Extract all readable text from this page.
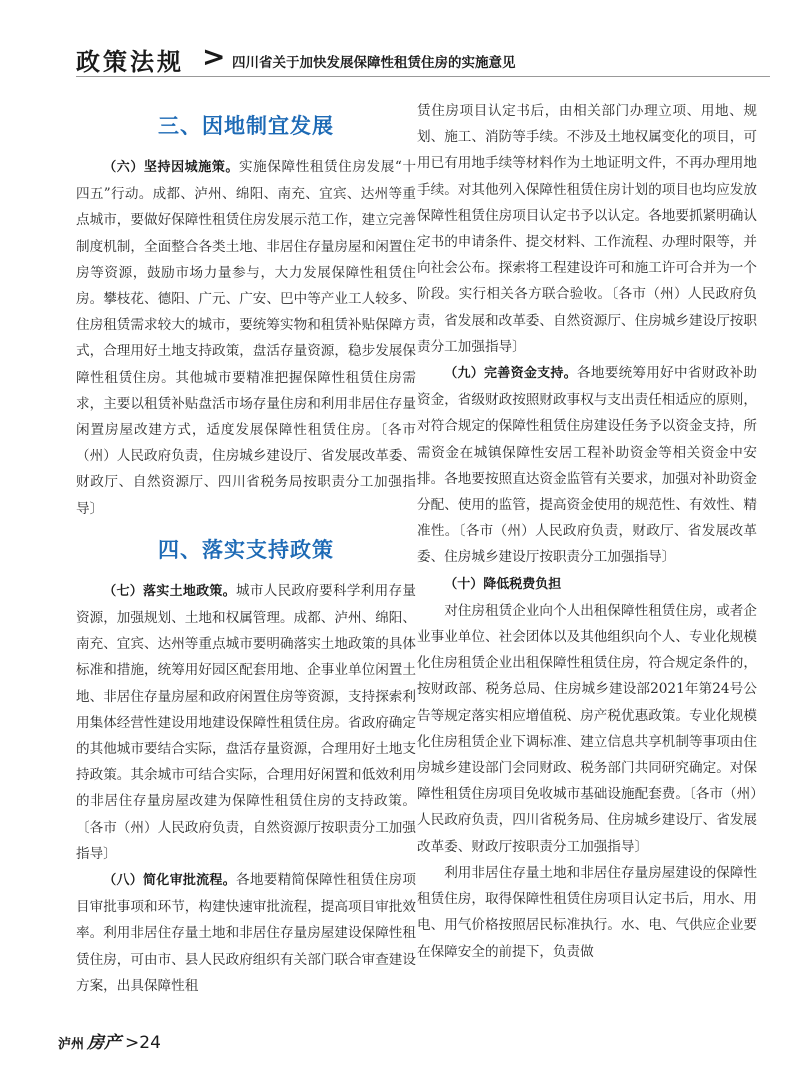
政策法规 > 四川省关于加快发展保障性租赁住房的实施意见
三、因地制宜发展

（六）坚持因城施策。实施保障性租赁住房发展“十四五”行动。成都、泸州、绵阳、南充、宜宾、达州等重点城市，要做好保障性租赁住房发展示范工作，建立完善制度机制，全面整合各类土地、非居住存量房屋和闲置住房等资源，鼓励市场力量参与，大力发展保障性租赁住房。攀枝花、德阳、广元、广安、巴中等产业工人较多、住房租赁需求较大的城市，要统筹实物和租赁补贴保障方式，合理用好土地支持政策，盘活存量资源，稳步发展保障性租赁住房。其他城市要精准把握保障性租赁住房需求，主要以租赁补贴盘活市场存量住房和利用非居住存量闲置房屋改建方式，适度发展保障性租赁住房。〔各市（州）人民政府负责，住房城乡建设厅、省发展改革委、财政厅、自然资源厅、四川省税务局按职责分工加强指导〕

四、落实支持政策

（七）落实土地政策。城市人民政府要科学利用存量资源，加强规划、土地和权属管理。成都、泸州、绵阳、南充、宜宾、达州等重点城市要明确落实土地政策的具体标准和措施，统筹用好园区配套用地、企事业单位闲置土地、非居住存量房屋和政府闲置住房等资源，支持探索利用集体经营性建设用地建设保障性租赁住房。省政府确定的其他城市要结合实际，盘活存量资源，合理用好土地支持政策。其余城市可结合实际，合理用好闲置和低效利用的非居住存量房屋改建为保障性租赁住房的支持政策。〔各市（州）人民政府负责，自然资源厅按职责分工加强指导〕

（八）简化审批流程。各地要精简保障性租赁住房项目审批事项和环节，构建快速审批流程，提高项目审批效率。利用非居住存量土地和非居住存量房屋建设保障性租赁住房，可由市、县人民政府组织有关部门联合审查建设方案，出具保障性租

赁住房项目认定书后，由相关部门办理立项、用地、规划、施工、消防等手续。不涉及土地权属变化的项目，可用已有用地手续等材料作为土地证明文件，不再办理用地手续。对其他列入保障性租赁住房计划的项目也均应发放保障性租赁住房项目认定书予以认定。各地要抓紧明确认定书的申请条件、提交材料、工作流程、办理时限等，并向社会公布。探索将工程建设许可和施工许可合并为一个阶段。实行相关各方联合验收。〔各市（州）人民政府负责，省发展和改革委、自然资源厅、住房城乡建设厅按职责分工加强指导〕

（九）完善资金支持。各地要统筹用好中省财政补助资金，省级财政按照财政事权与支出责任相适应的原则，对符合规定的保障性租赁住房建设任务予以资金支持，所需资金在城镇保障性安居工程补助资金等相关资金中安排。各地要按照直达资金监管有关要求，加强对补助资金分配、使用的监管，提高资金使用的规范性、有效性、精准性。〔各市（州）人民政府负责，财政厅、省发展改革委、住房城乡建设厅按职责分工加强指导〕

（十）降低税费负担

对住房租赁企业向个人出租保障性租赁住房，或者企业事业单位、社会团体以及其他组织向个人、专业化规模化住房租赁企业出租保障性租赁住房，符合规定条件的，按财政部、税务总局、住房城乡建设部2021年第24号公告等规定落实相应增值税、房产税优惠政策。专业化规模化住房租赁企业下调标准、建立信息共享机制等事项由住房城乡建设部门会同财政、税务部门共同研究确定。对保障性租赁住房项目免收城市基础设施配套费。〔各市（州）人民政府负责，四川省税务局、住房城乡建设厅、省发展改革委、财政厅按职责分工加强指导〕

利用非居住存量土地和非居住存量房屋建设的保障性租赁住房，取得保障性租赁住房项目认定书后，用水、用电、用气价格按照居民标准执行。水、电、气供应企业要在保障安全的前提下，负责做

泸州 房产 >24
